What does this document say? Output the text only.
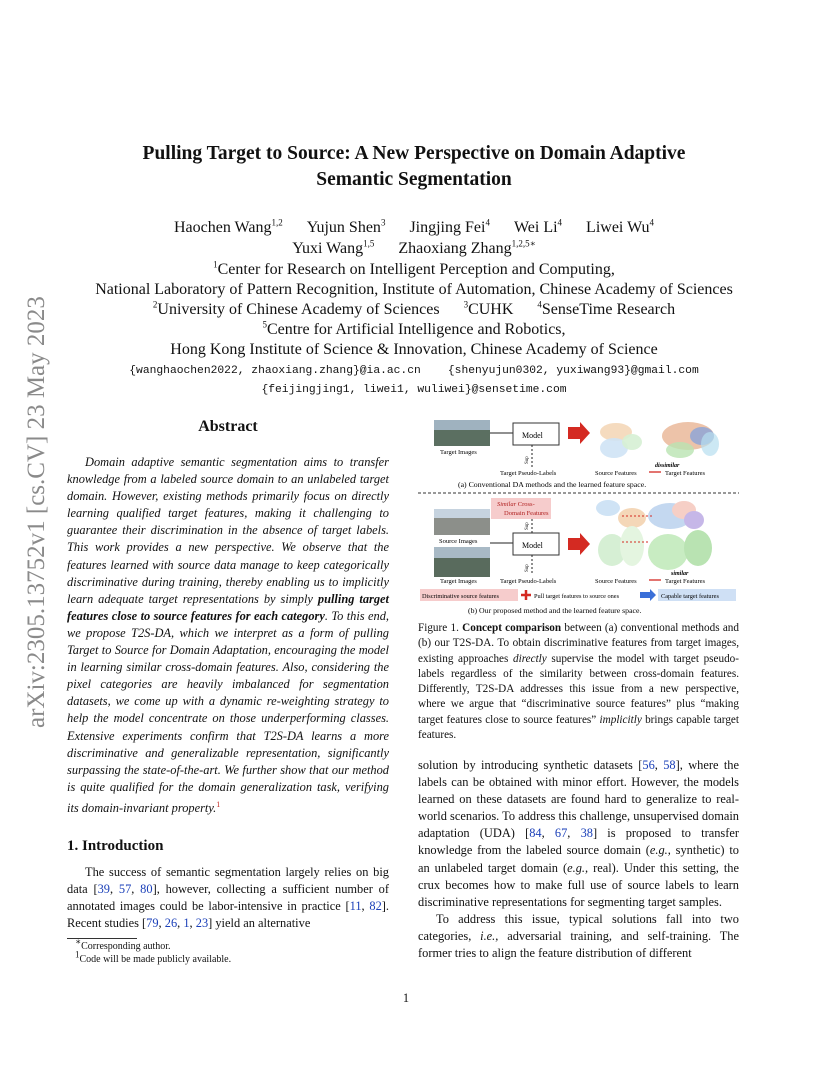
arXiv:2305.13752v1 [cs.CV] 23 May 2023
Pulling Target to Source: A New Perspective on Domain Adaptive
Semantic Segmentation
Haochen Wang$^{1,2}$ Yujun Shen$^3$ Jingjing Fei$^4$ Wei Li$^4$ Liwei Wu$^4$
Yuxi Wang$^{1,5}$ Zhaoxiang Zhang$^{1,2,5∗}$
$^1$Center for Research on Intelligent Perception and Computing,
National Laboratory of Pattern Recognition, Institute of Automation, Chinese Academy of Sciences
$^2$University of Chinese Academy of Sciences	$^3$CUHK	$^4$SenseTime Research
$^5$Centre for Artificial Intelligence and Robotics,
Hong Kong Institute of Science & Innovation, Chinese Academy of Science
{wanghaochen2022, zhaoxiang.zhang}@ia.ac.cn    {shenyujun0302, yuxiwang93}@gmail.com
{feijingjing1, liwei1, wuliwei}@sensetime.com
Abstract
Domain adaptive semantic segmentation aims to transfer knowledge from a labeled source domain to an unlabeled target domain. However, existing methods primarily focus on directly learning qualified target features, making it challenging to guarantee their discrimination in the absence of target labels. This work provides a new perspective. We observe that the features learned with source data manage to keep categorically discriminative during training, thereby enabling us to implicitly learn adequate target representations by simply pulling target features close to source features for each category. To this end, we propose T2S-DA, which we interpret as a form of pulling Target to Source for Domain Adaptation, encouraging the model in learning similar cross-domain features. Also, considering the pixel categories are heavily imbalanced for segmentation datasets, we come up with a dynamic re-weighting strategy to help the model concentrate on those underperforming classes. Extensive experiments confirm that T2S-DA learns a more discriminative and generalizable representation, significantly surpassing the state-of-the-art. We further show that our method is quite qualified for the domain generalization task, verifying its domain-invariant property.$^1$
1. Introduction
The success of semantic segmentation largely relies on big data [39, 57, 80], however, collecting a sufficient number of annotated images could be labor-intensive in practice [11, 82]. Recent studies [79, 26, 1, 23] yield an alternative
∗Corresponding author.
$^1$Code will be made publicly available.
Target Images
Model
Sup
Target Pseudo-Labels
dissimilar
Source Features	Target Features
(a) Conventional DA methods and the learned feature space.
Similar Cross-
Domain Features
Source Images
Target Images
Model
Sup
Sup
Target Pseudo-Labels
similar
Source Features	Target Features
Discriminative source features	Pull target features to source ones	Capable target features
(b) Our proposed method and the learned feature space.
Figure 1. Concept comparison between (a) conventional methods and (b) our T2S-DA. To obtain discriminative features from target images, existing approaches directly supervise the model with target pseudo-labels regardless of the similarity between cross-domain features. Differently, T2S-DA addresses this issue from a new perspective, where we argue that “discriminative source features” plus “making target features close to source features” implicitly brings capable target features.
solution by introducing synthetic datasets [56, 58], where the labels can be obtained with minor effort. However, the models learned on these datasets are found hard to generalize to real-world scenarios. To address this challenge, unsupervised domain adaptation (UDA) [84, 67, 38] is proposed to transfer knowledge from the labeled source domain (e.g., synthetic) to an unlabeled target domain (e.g., real). Under this setting, the crux becomes how to make full use of source labels to learn discriminative representations for segmenting target samples.
To address this issue, typical solutions fall into two categories, i.e., adversarial training, and self-training. The former tries to align the feature distribution of different
1
